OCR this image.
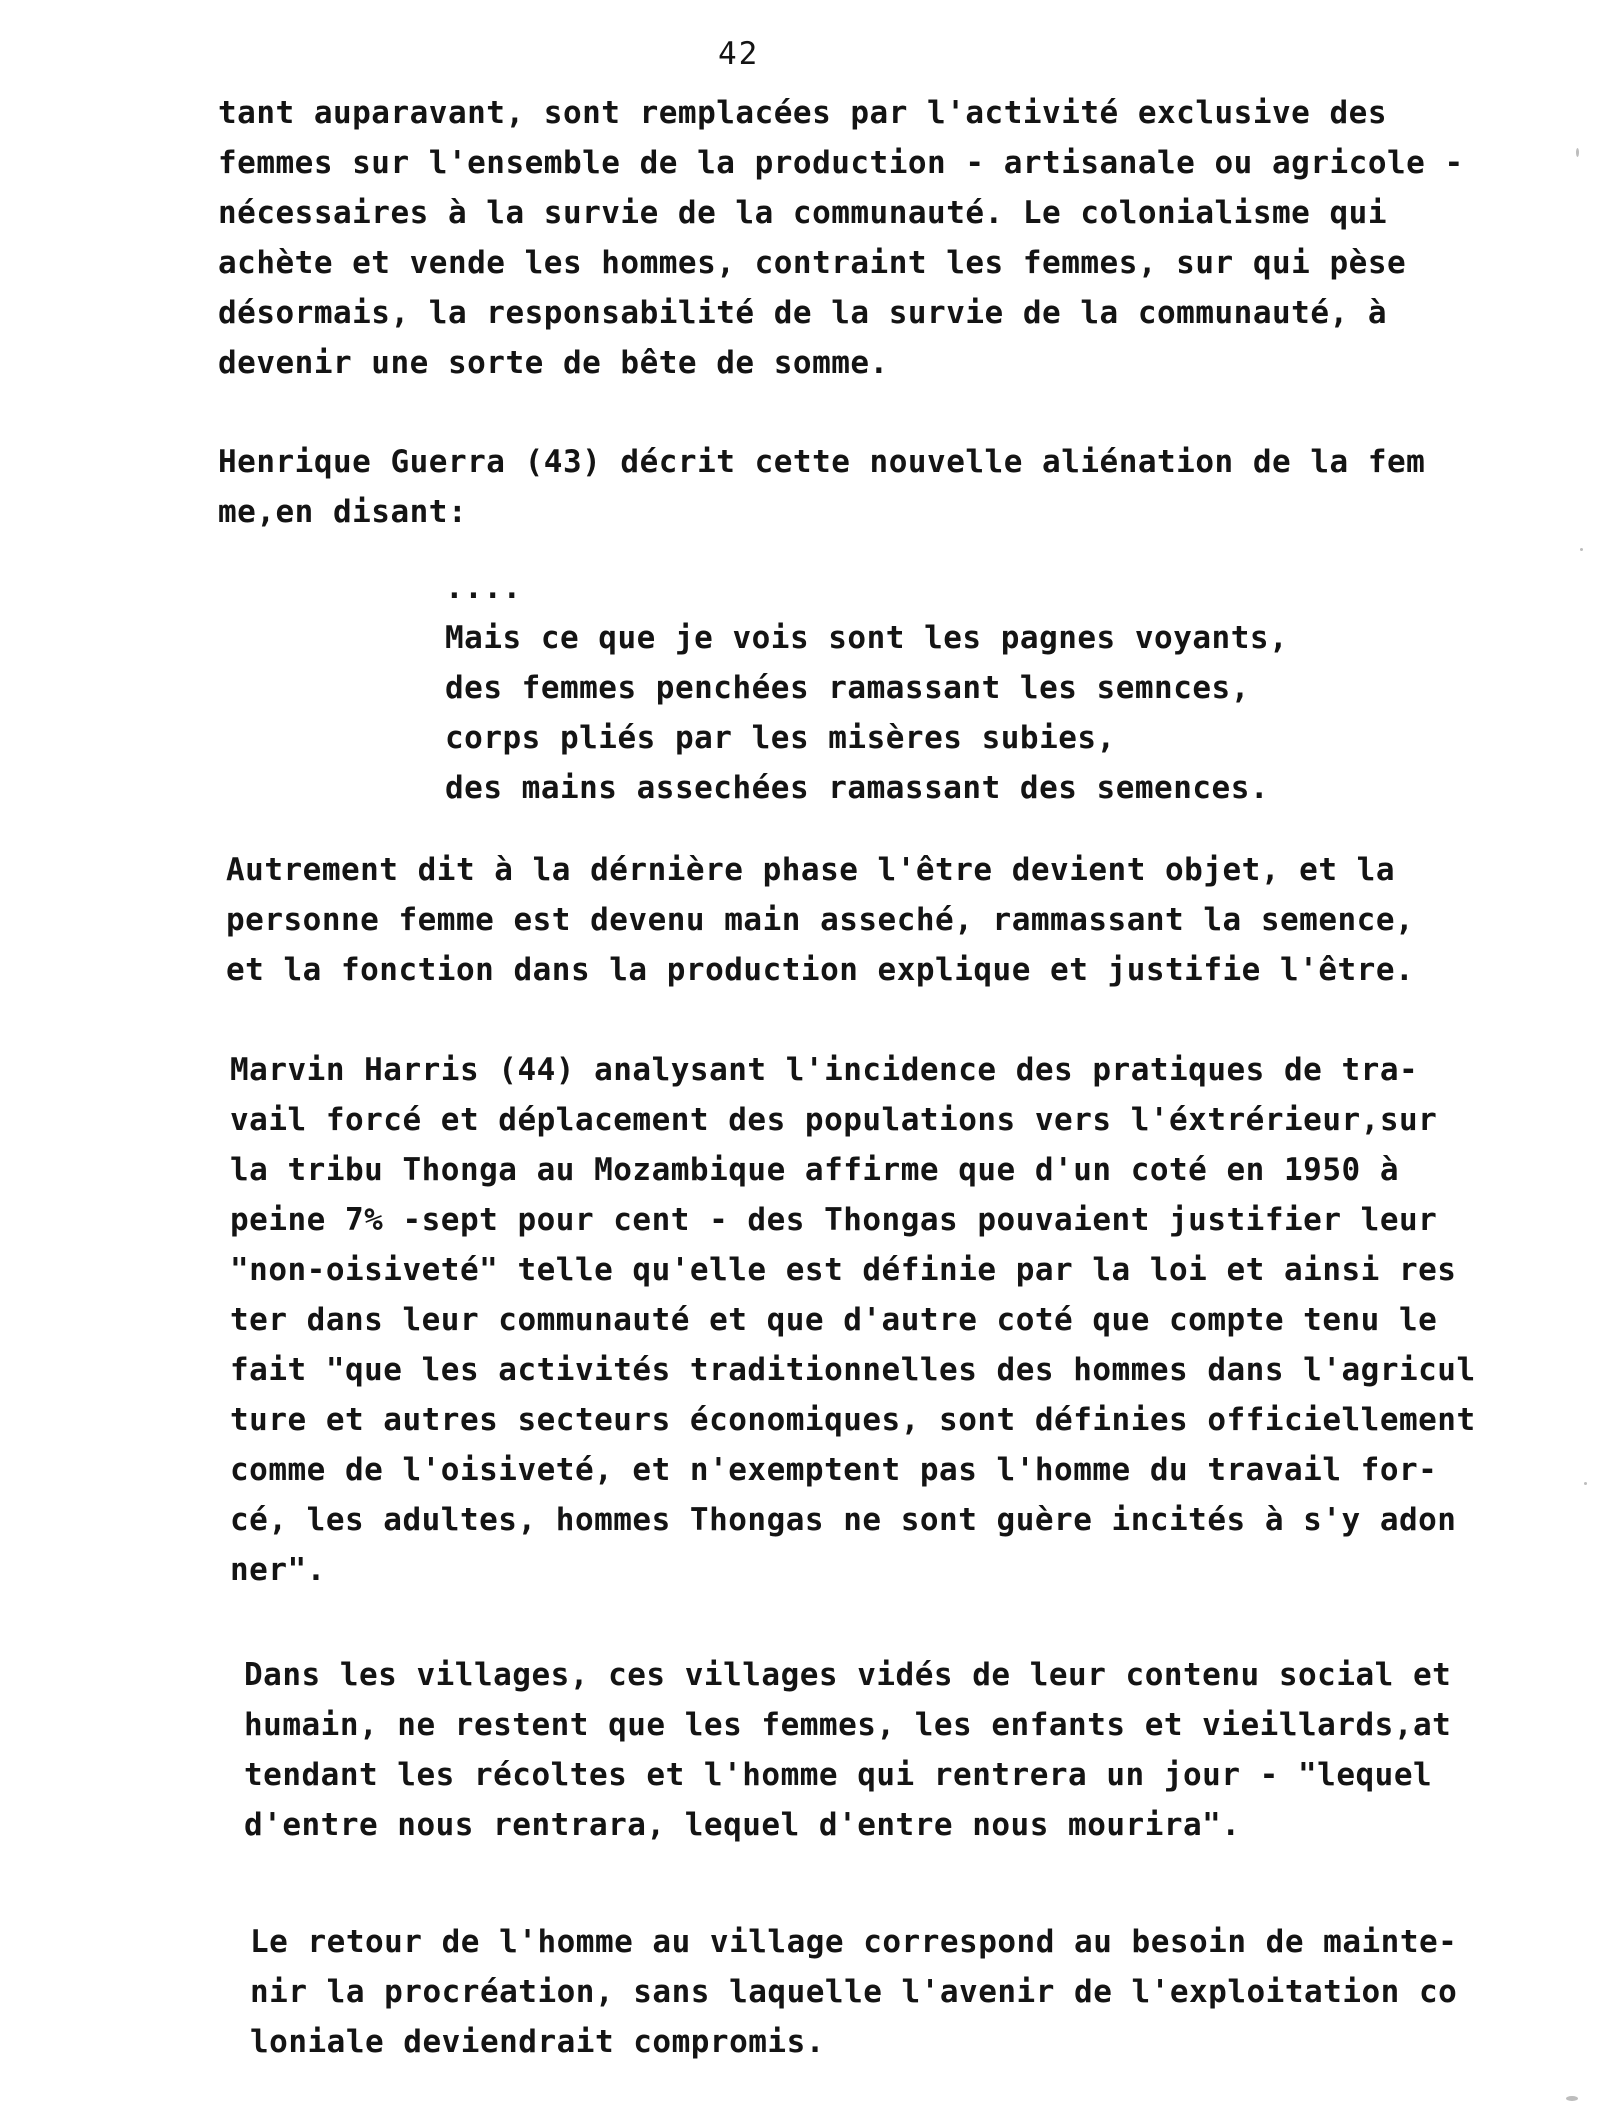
42
tant auparavant, sont remplacées par l'activité exclusive des
femmes sur l'ensemble de la production - artisanale ou agricole -
nécessaires à la survie de la communauté. Le colonialisme qui
achète et vende les hommes, contraint les femmes, sur qui pèse
désormais, la responsabilité de la survie de la communauté, à
devenir une sorte de bête de somme.
Henrique Guerra (43) décrit cette nouvelle aliénation de la fem
me,en disant:
....
Mais ce que je vois sont les pagnes voyants,
des femmes penchées ramassant les semnces,
corps pliés par les misères subies,
des mains assechées ramassant des semences.
Autrement dit à la dérnière phase l'être devient objet, et la
personne femme est devenu main asseché, rammassant la semence,
et la fonction dans la production explique et justifie l'être.
Marvin Harris (44) analysant l'incidence des pratiques de tra-
vail forcé et déplacement des populations vers l'éxtrérieur,sur
la tribu Thonga au Mozambique affirme que d'un coté en 1950 à
peine 7% -sept pour cent - des Thongas pouvaient justifier leur
"non-oisiveté" telle qu'elle est définie par la loi et ainsi res
ter dans leur communauté et que d'autre coté que compte tenu le
fait "que les activités traditionnelles des hommes dans l'agricul
ture et autres secteurs économiques, sont définies officiellement
comme de l'oisiveté, et n'exemptent pas l'homme du travail for-
cé, les adultes, hommes Thongas ne sont guère incités à s'y adon
ner".
Dans les villages, ces villages vidés de leur contenu social et
humain, ne restent que les femmes, les enfants et vieillards,at
tendant les récoltes et l'homme qui rentrera un jour - "lequel
d'entre nous rentrara, lequel d'entre nous mourira".
Le retour de l'homme au village correspond au besoin de mainte-
nir la procréation, sans laquelle l'avenir de l'exploitation co
loniale deviendrait compromis.
